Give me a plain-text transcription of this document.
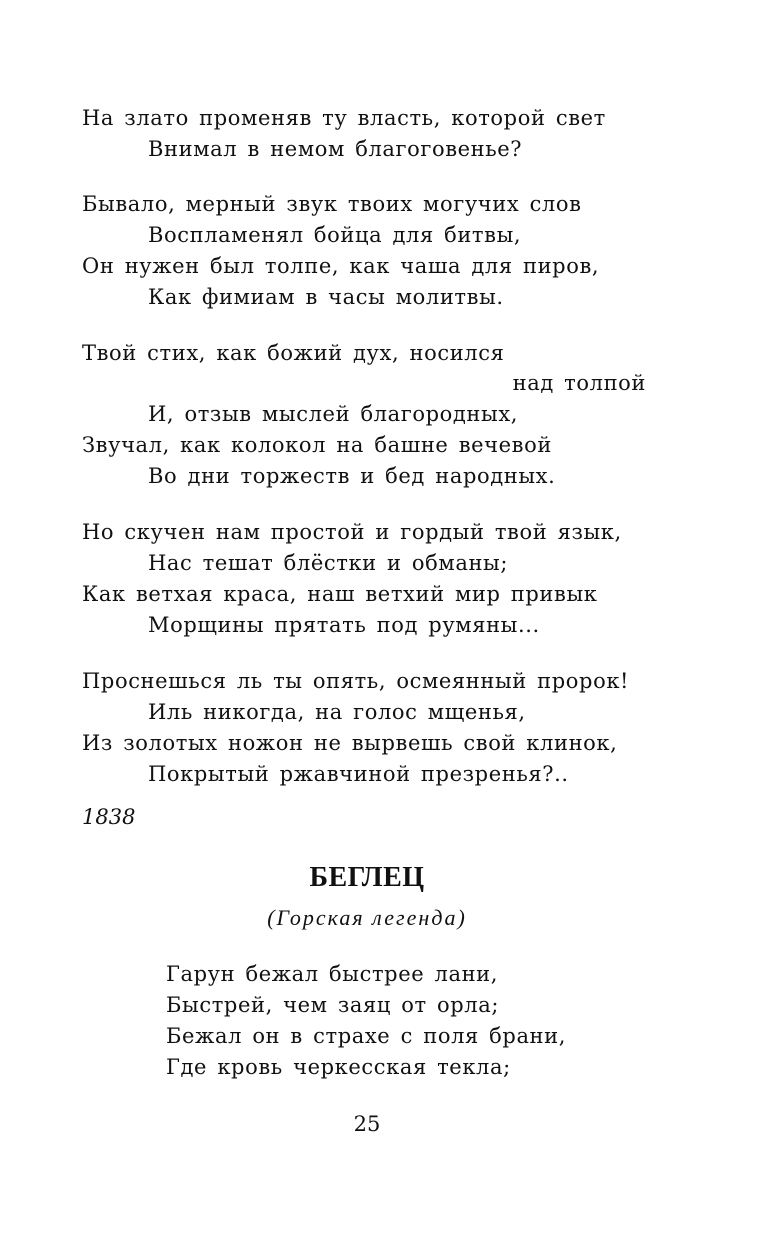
На злато променяв ту власть, которой свет
Внимал в немом благоговенье?
Бывало, мерный звук твоих могучих слов
Воспламенял бойца для битвы,
Он нужен был толпе, как чаша для пиров,
Как фимиам в часы молитвы.
Твой стих, как божий дух, носился
над толпой
И, отзыв мыслей благородных,
Звучал, как колокол на башне вечевой
Во дни торжеств и бед народных.
Но скучен нам простой и гордый твой язык,
Нас тешат блёстки и обманы;
Как ветхая краса, наш ветхий мир привык
Морщины прятать под румяны...
Проснешься ль ты опять, осмеянный пророк!
Иль никогда, на голос мщенья,
Из золотых ножон не вырвешь свой клинок,
Покрытый ржавчиной презренья?..
1838
БЕГЛЕЦ
(Горская легенда)
Гарун бежал быстрее лани,
Быстрей, чем заяц от орла;
Бежал он в страхе с поля брани,
Где кровь черкесская текла;
25
